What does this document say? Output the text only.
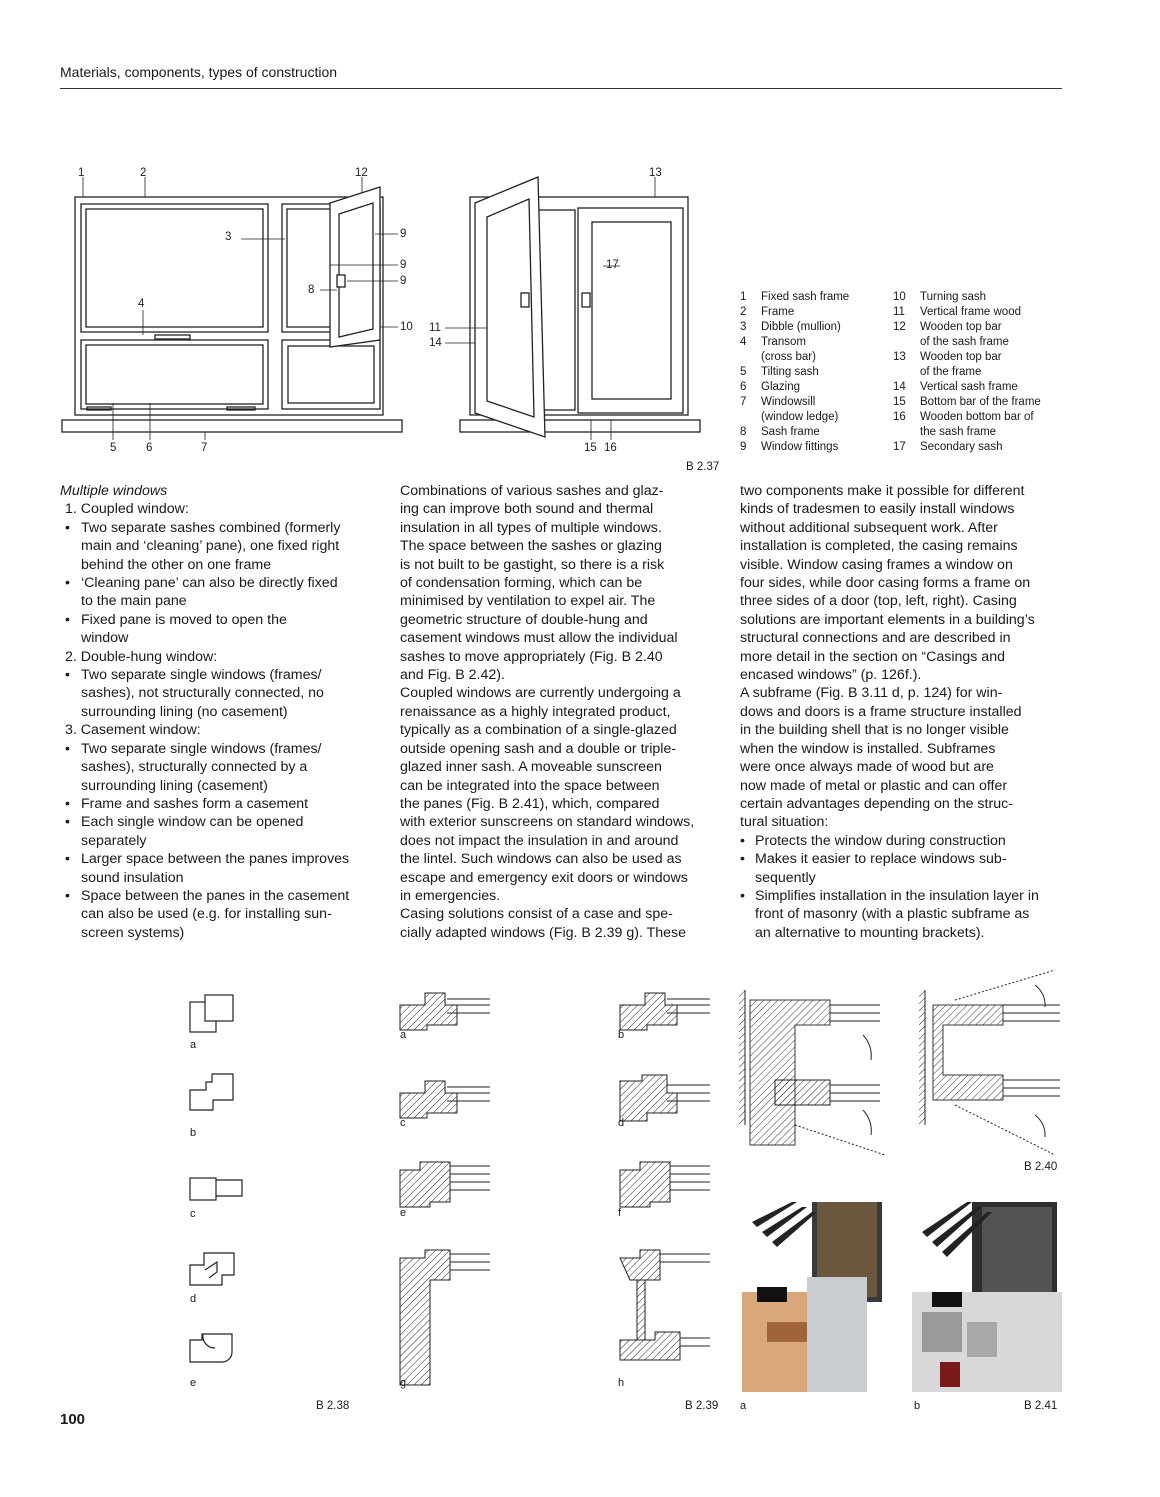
Materials, components, types of construction
1	2	12
3	9
9
9
8
4
10
5	6	7
13
17
11
14
15 16
1	Fixed sash frame
2	Frame
3	Dibble (mullion)
4	Transom
(cross bar)
5	Tilting sash
6	Glazing
7	Windowsill
(window ledge)
8	Sash frame
9	Window fittings
10	Turning sash
11	Vertical frame wood
12	Wooden top bar
of the sash frame
13	Wooden top bar
of the frame
14	Vertical sash frame
15	Bottom bar of the frame
16	Wooden bottom bar of
the sash frame
17	Secondary sash
B 2.37

Multiple windows

1. Coupled window:

• Two separate sashes combined (formerly
main and ‘cleaning’ pane), one fixed right
behind the other on one frame
• ‘Cleaning pane’ can also be directly fixed
to the main pane
• Fixed pane is moved to open the
window

2. Double-hung window:

• Two separate single windows (frames/
sashes), not structurally connected, no
surrounding lining (no casement)

3. Casement window:

• Two separate single windows (frames/
sashes), structurally connected by a
surrounding lining (casement)
• Frame and sashes form a casement
• Each single window can be opened
separately
• Larger space between the panes improves
sound insulation
• Space between the panes in the casement
can also be used (e.g. for installing sun-
screen systems)

Combinations of various sashes and glaz-

ing can improve both sound and thermal

insulation in all types of multiple windows.

The space between the sashes or glazing

is not built to be gastight, so there is a risk

of condensation forming, which can be

minimised by ventilation to expel air. The

geometric structure of double-hung and

casement windows must allow the individual

sashes to move appropriately (Fig. B 2.40

and Fig. B 2.42).

Coupled windows are currently undergoing a

renaissance as a highly integrated product,

typically as a combination of a single-glazed

outside opening sash and a double or triple-

glazed inner sash. A moveable sunscreen

can be integrated into the space between

the panes (Fig. B 2.41), which, compared

with exterior sunscreens on standard windows,

does not impact the insulation in and around

the lintel. Such windows can also be used as

escape and emergency exit doors or windows

in emergencies.

Casing solutions consist of a case and spe-

cially adapted windows (Fig. B 2.39 g). These

two components make it possible for different

kinds of tradesmen to easily install windows

without additional subsequent work. After

installation is completed, the casing remains

visible. Window casing frames a window on

four sides, while door casing forms a frame on

three sides of a door (top, left, right). Casing

solutions are important elements in a building’s

structural connections and are described in

more detail in the section on “Casings and

encased windows” (p. 126f.).

A subframe (Fig. B 3.11 d, p. 124) for win-

dows and doors is a frame structure installed

in the building shell that is no longer visible

when the window is installed. Subframes

were once always made of wood but are

now made of metal or plastic and can offer

certain advantages depending on the struc-

tural situation:

• Protects the window during construction
• Makes it easier to replace windows sub-
sequently
• Simplifies installation in the insulation layer in
front of masonry (with a plastic subframe as
an alternative to mounting brackets).
a
b
c
d
e
B 2.38
a	b
c	d
e	f
g	h
B 2.39
B 2.40
a	b	B 2.41
100
